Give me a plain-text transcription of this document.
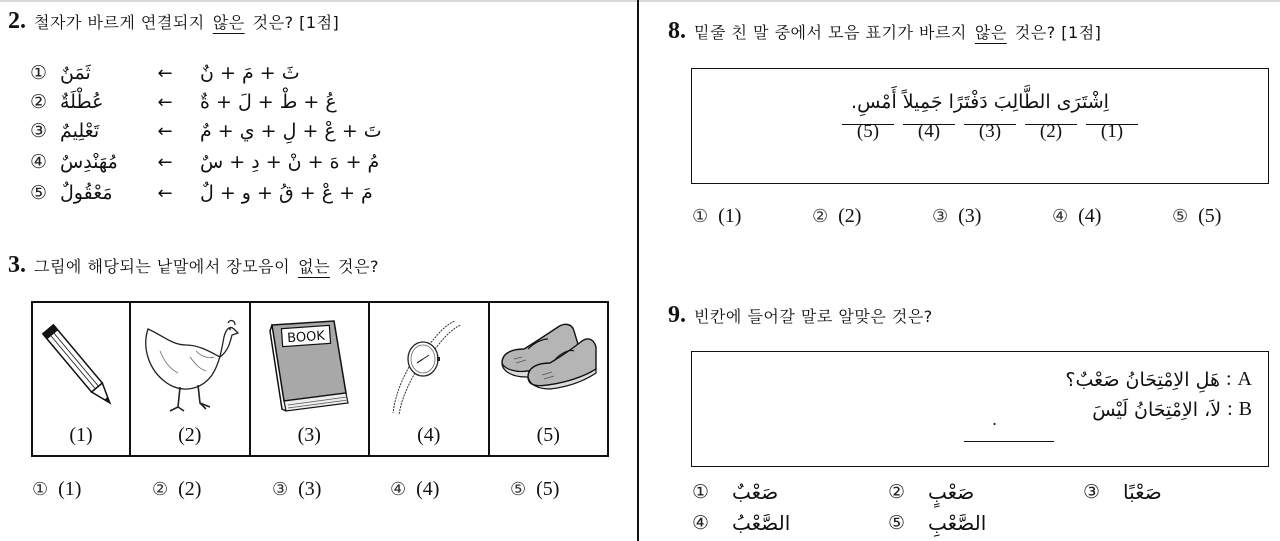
2. 철자가 바르게 연결되지 않은 것은? [1점]
① ثَمَنٌ	←	ثَ + مَ + نٌ
② عُطْلَةٌ	←	عُ + طْ + لَ + ةٌ
③ تَعْلِيمٌ	←	تَ + عْ + لِ + ي + مٌ
④ مُهَنْدِسٌ	←	مُ + هَ + نْ + دِ + سٌ
⑤ مَعْقُولٌ	←	مَ + عْ + قُ + و + لٌ
3. 그림에 해당되는 낱말에서 장모음이 없는 것은?
(1)	(2)
BOOK
(3)	(4)	(5)
① (1)	② (2)	③ (3)	④ (4)	⑤ (5)
8. 밑줄 친 말 중에서 모음 표기가 바르지 않은 것은? [1점]
اِشْتَرَى الطَّالِبَ دَفْتَرًا جَمِيلاً أَمْسِ.
(5)	(4)	(3)	(2)	(1)
① (1)	② (2)	③ (3)	④ (4)	⑤ (5)
9. 빈칸에 들어갈 말로 알맞은 것은?
هَلِ الاِمْتِحَانُ صَعْبٌ؟ : A
لاَ، الاِمْتِحَانُ لَيْسَ : B
.
①	صَعْبٌ	②	صَعْبٍ	③	صَعْبًا
④	الصَّعْبُ	⑤	الصَّعْبِ
